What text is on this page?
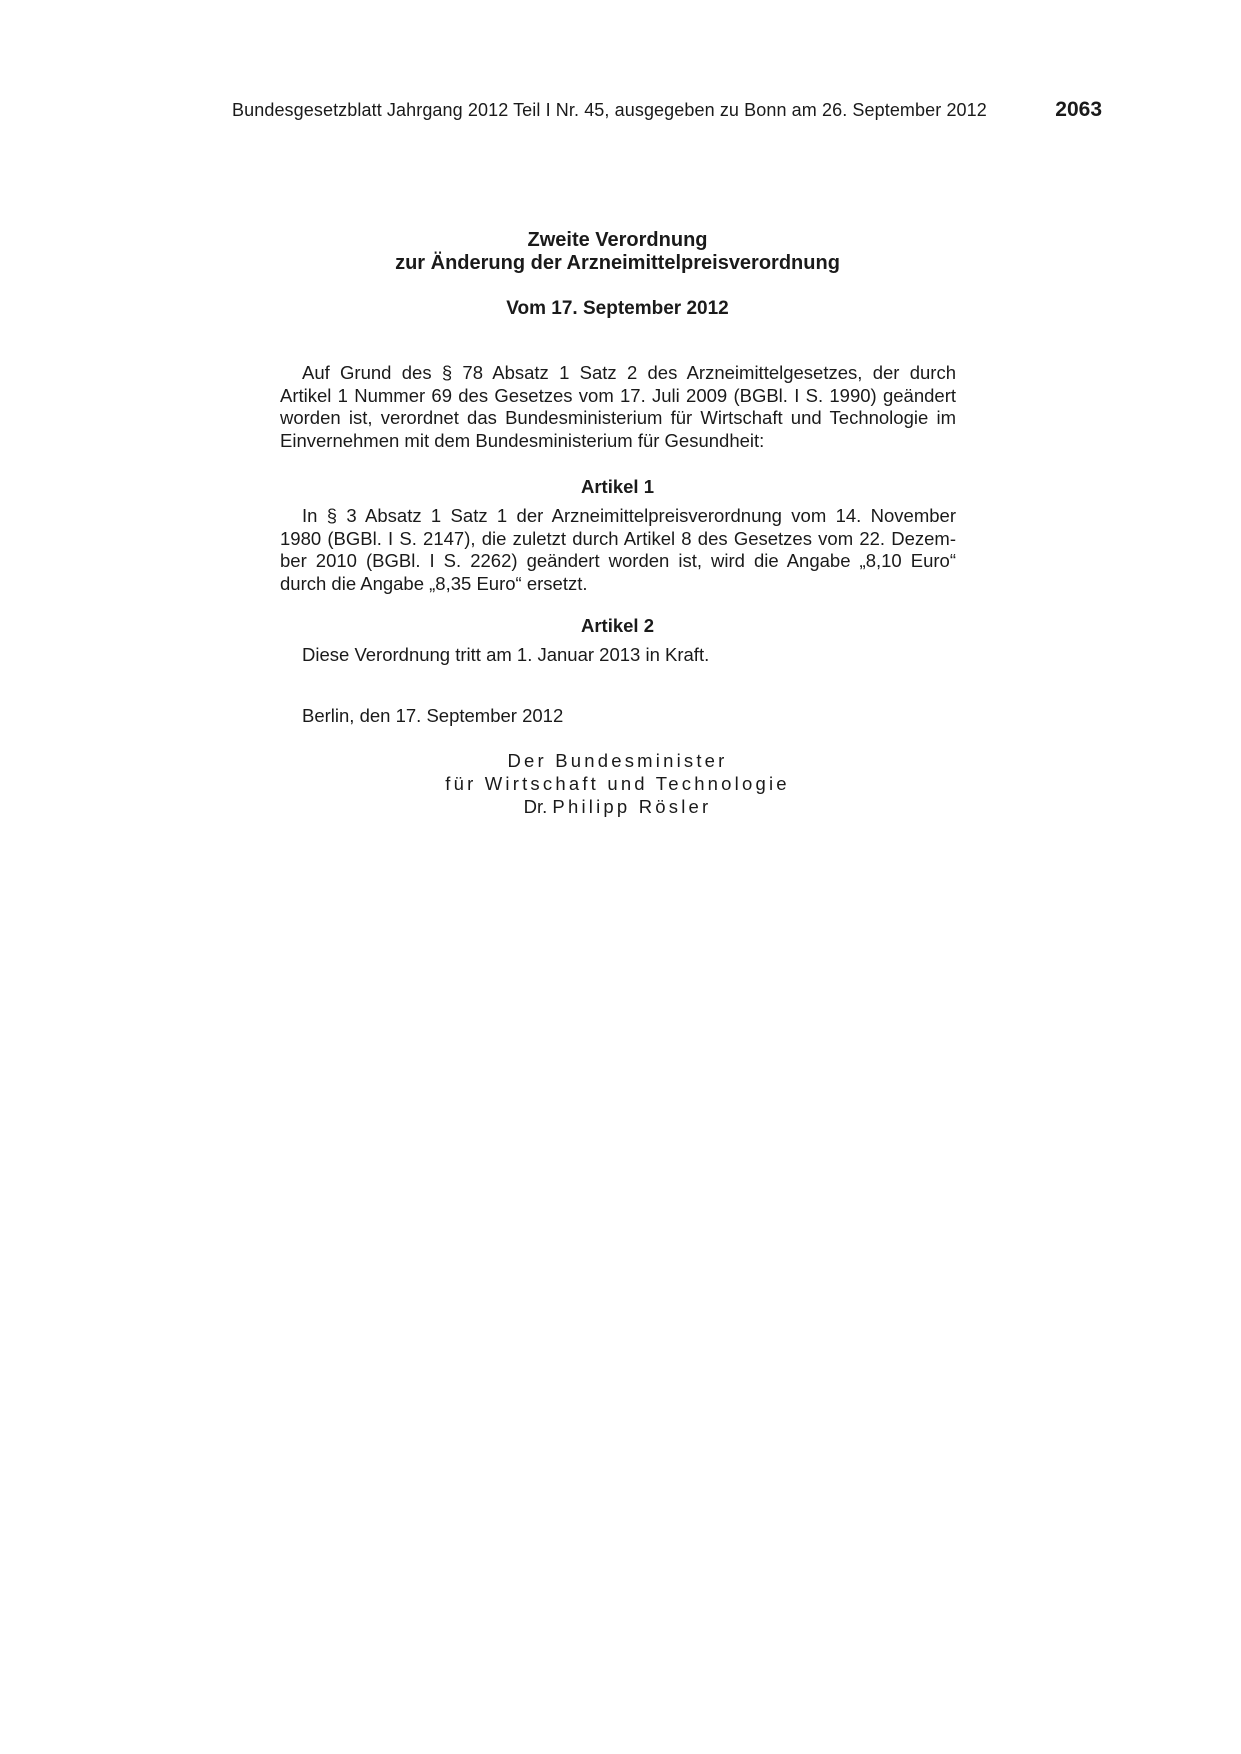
Bundesgesetzblatt Jahrgang 2012 Teil I Nr. 45, ausgegeben zu Bonn am 26. September 2012	2063
Zweite Verordnung
zur Änderung der Arzneimittelpreisverordnung
Vom 17. September 2012
Auf Grund des § 78 Absatz 1 Satz 2 des Arzneimittelgesetzes, der durch
Artikel 1 Nummer 69 des Gesetzes vom 17. Juli 2009 (BGBl. I S. 1990) geändert
worden ist, verordnet das Bundesministerium für Wirtschaft und Technologie im
Einvernehmen mit dem Bundesministerium für Gesundheit:
Artikel 1
In § 3 Absatz 1 Satz 1 der Arzneimittelpreisverordnung vom 14. November
1980 (BGBl. I S. 2147), die zuletzt durch Artikel 8 des Gesetzes vom 22. Dezem-
ber 2010 (BGBl. I S. 2262) geändert worden ist, wird die Angabe „8,10 Euro“
durch die Angabe „8,35 Euro“ ersetzt.
Artikel 2
Diese Verordnung tritt am 1. Januar 2013 in Kraft.
Berlin, den 17. September 2012
Der Bundesminister
für Wirtschaft und Technologie
Dr. Philipp Rösler
